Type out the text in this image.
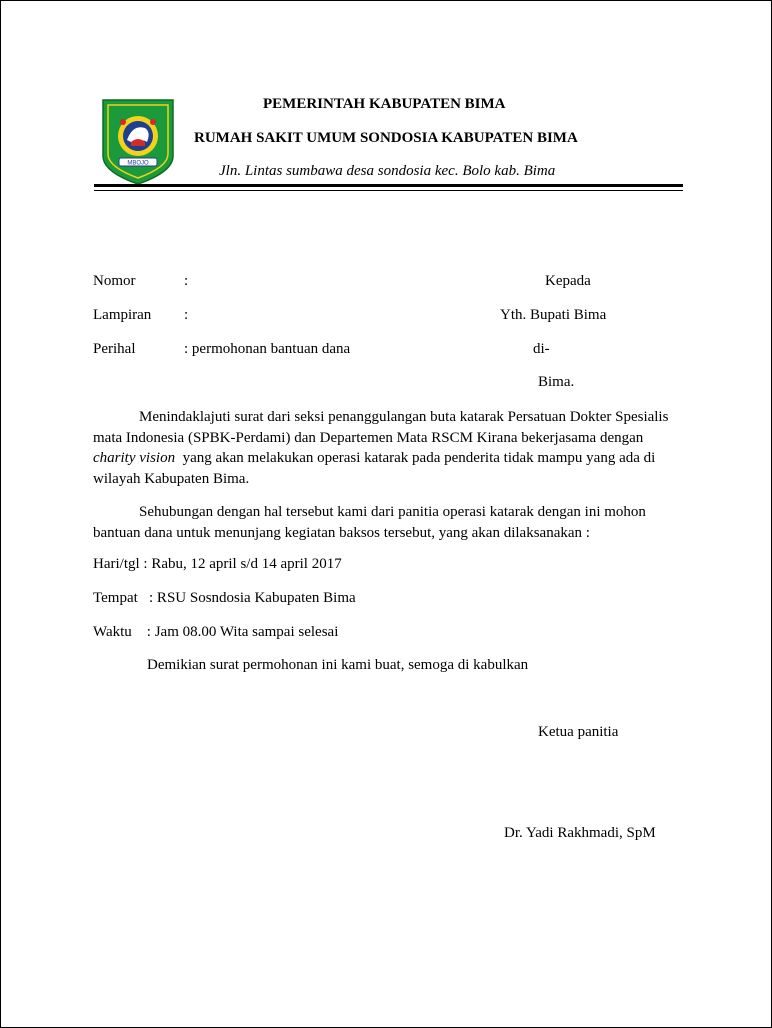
MBOJO
PEMERINTAH KABUPATEN BIMA
RUMAH SAKIT UMUM SONDOSIA KABUPATEN BIMA
Jln. Lintas sumbawa desa sondosia kec. Bolo kab. Bima
Nomor	:
Lampiran :
Perihal	: permohonan bantuan dana
Kepada
Yth. Bupati Bima
di-
Bima.
Menindaklajuti surat dari seksi penanggulangan buta katarak Persatuan Dokter Spesialis
mata Indonesia (SPBK-Perdami) dan Departemen Mata RSCM Kirana bekerjasama dengan
charity vision  yang akan melakukan operasi katarak pada penderita tidak mampu yang ada di
wilayah Kabupaten Bima.
Sehubungan dengan hal tersebut kami dari panitia operasi katarak dengan ini mohon
bantuan dana untuk menunjang kegiatan baksos tersebut, yang akan dilaksanakan :
Hari/tgl : Rabu, 12 april s/d 14 april 2017
Tempat   : RSU Sosndosia Kabupaten Bima
Waktu    : Jam 08.00 Wita sampai selesai
Demikian surat permohonan ini kami buat, semoga di kabulkan
Ketua panitia
Dr. Yadi Rakhmadi, SpM
